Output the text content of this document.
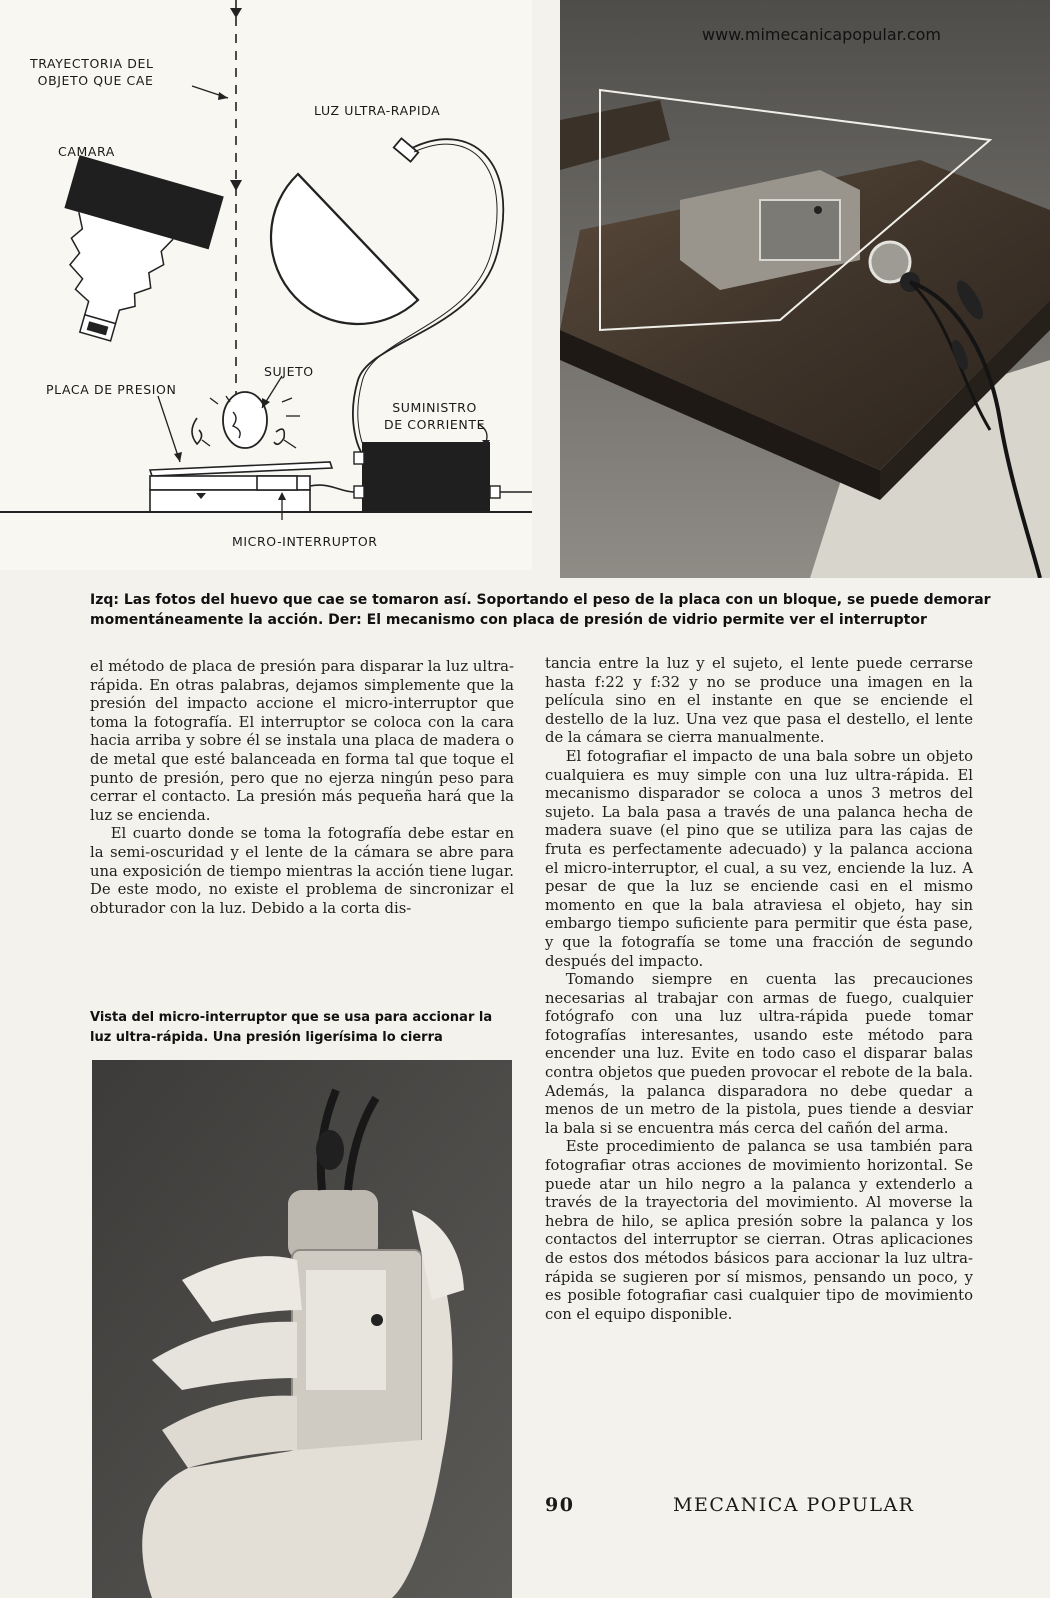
TRAYECTORIA DEL
OBJETO QUE CAE
LUZ ULTRA-RAPIDA
CAMARA
SUJETO
PLACA DE PRESION
SUMINISTRO
DE CORRIENTE
MICRO-INTERRUPTOR
www.mimecanicapopular.com
Izq: Las fotos del huevo que cae se tomaron así. Soportando el peso de la placa con un bloque, se puede demorar momentáneamente la acción. Der: El mecanismo con placa de presión de vidrio permite ver el interruptor

el método de placa de presión para disparar la luz ultra-rápida. En otras palabras, dejamos simplemente que la presión del impacto accione el micro-interruptor que toma la fotografía. El interruptor se coloca con la cara hacia arriba y sobre él se instala una placa de madera o de metal que esté balanceada en forma tal que toque el punto de presión, pero que no ejerza ningún peso para cerrar el contacto. La presión más pequeña hará que la luz se encienda.

El cuarto donde se toma la fotografía debe estar en la semi-oscuridad y el lente de la cámara se abre para una exposición de tiempo mientras la acción tiene lugar. De este modo, no existe el problema de sincronizar el obturador con la luz. Debido a la corta dis-

Vista del micro-interruptor que se usa para accionar la luz ultra-rápida. Una presión ligerísima lo cierra

tancia entre la luz y el sujeto, el lente puede cerrarse hasta f:22 y f:32 y no se produce una imagen en la película sino en el instante en que se enciende el destello de la luz. Una vez que pasa el destello, el lente de la cámara se cierra manualmente.

El fotografiar el impacto de una bala sobre un objeto cualquiera es muy simple con una luz ultra-rápida. El mecanismo disparador se coloca a unos 3 metros del sujeto. La bala pasa a través de una palanca hecha de madera suave (el pino que se utiliza para las cajas de fruta es perfectamente adecuado) y la palanca acciona el micro-interruptor, el cual, a su vez, enciende la luz. A pesar de que la luz se enciende casi en el mismo momento en que la bala atraviesa el objeto, hay sin embargo tiempo suficiente para permitir que ésta pase, y que la fotografía se tome una fracción de segundo después del impacto.

Tomando siempre en cuenta las precauciones necesarias al trabajar con armas de fuego, cualquier fotógrafo con una luz ultra-rápida puede tomar fotografías interesantes, usando este método para encender una luz. Evite en todo caso el disparar balas contra objetos que pueden provocar el rebote de la bala. Además, la palanca disparadora no debe quedar a menos de un metro de la pistola, pues tiende a desviar la bala si se encuentra más cerca del cañón del arma.

Este procedimiento de palanca se usa también para fotografiar otras acciones de movimiento horizontal. Se puede atar un hilo negro a la palanca y extenderlo a través de la trayectoria del movimiento. Al moverse la hebra de hilo, se aplica presión sobre la palanca y los contactos del interruptor se cierran. Otras aplicaciones de estos dos métodos básicos para accionar la luz ultra-rápida se sugieren por sí mismos, pensando un poco, y es posible fotografiar casi cualquier tipo de movimiento con el equipo disponible.

90	MECANICA POPULAR
